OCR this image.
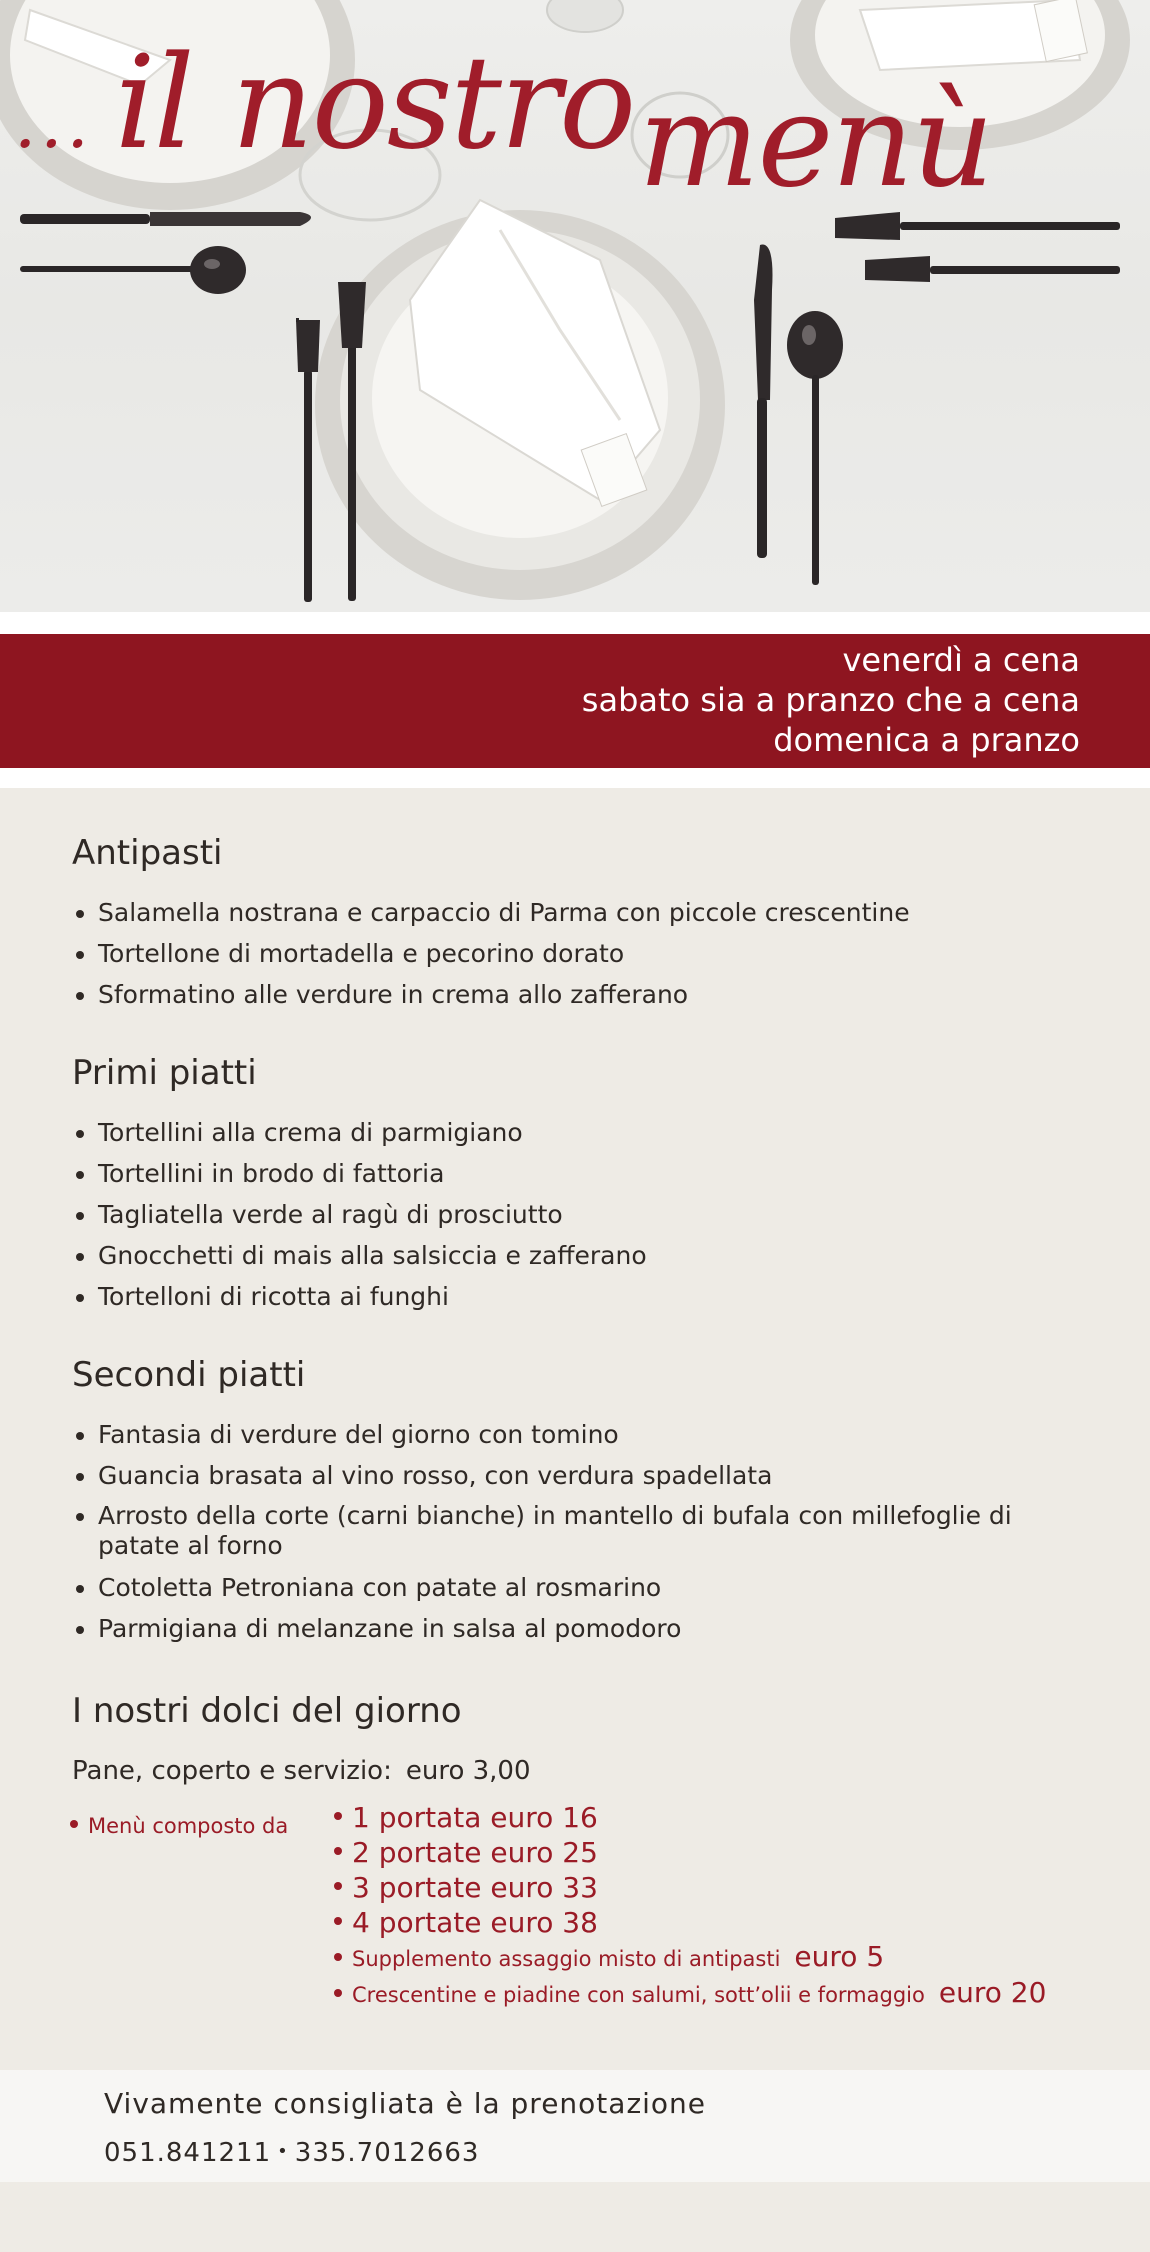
... il nostromenù
venerdì a cena
sabato sia a pranzo che a cena
domenica a pranzo
Antipasti
Salamella nostrana e carpaccio di Parma con piccole crescentine
Tortellone di mortadella e pecorino dorato
Sformatino alle verdure in crema allo zafferano
Primi piatti
Tortellini alla crema di parmigiano
Tortellini in brodo di fattoria
Tagliatella verde al ragù di prosciutto
Gnocchetti di mais alla salsiccia e zafferano
Tortelloni di ricotta ai funghi
Secondi piatti
Fantasia di verdure del giorno con tomino
Guancia brasata al vino rosso, con verdura spadellata
Arrosto della corte (carni bianche) in mantello di bufala con millefoglie di patate al forno
Cotoletta Petroniana con patate al rosmarino
Parmigiana di melanzane in salsa al pomodoro
I nostri dolci del giorno
Pane, coperto e servizio: euro 3,00
Menù composto da	1 portata euro 16
2 portate euro 25
3 portate euro 33
4 portate euro 38
Supplemento assaggio misto di antipasti euro 5
Crescentine e piadine con salumi, sott’olii e formaggio euro 20
Vivamente consigliata è la prenotazione
051.841211 • 335.7012663
